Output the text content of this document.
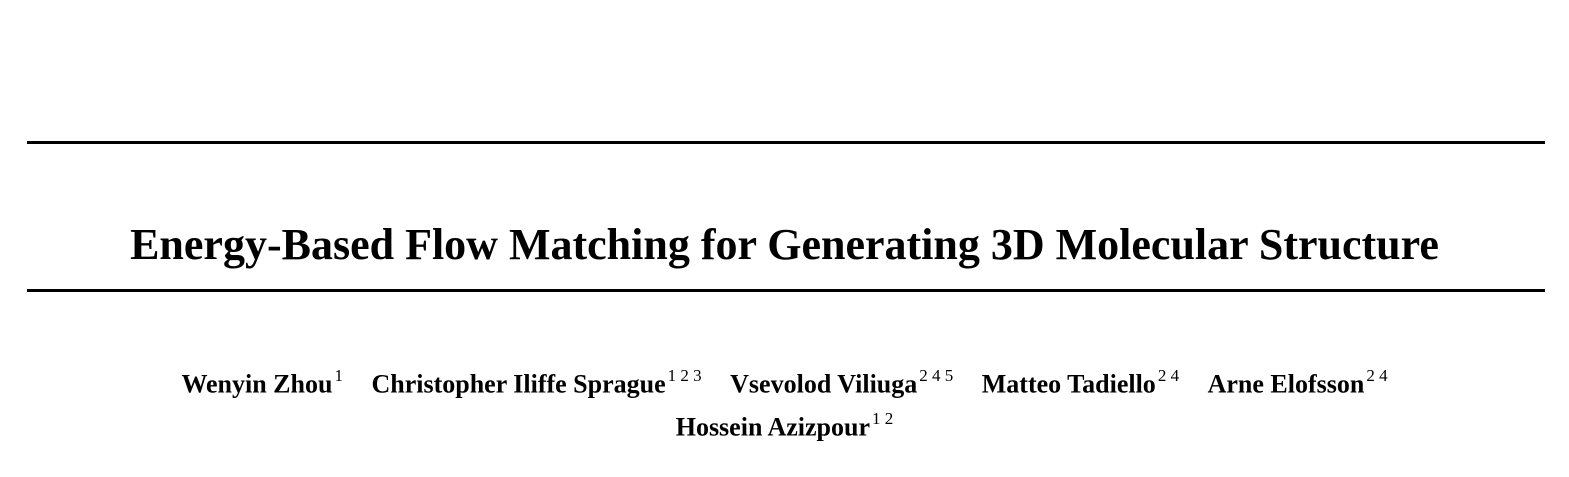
Energy-Based Flow Matching for Generating 3D Molecular Structure
Wenyin Zhou $^1$ Christopher Iliffe Sprague $^{1 2 3}$ Vsevolod Viliuga $^{2 4 5}$ Matteo Tadiello $^{2 4}$ Arne Elofsson $^{2 4}$
Hossein Azizpour $^{1 2}$
